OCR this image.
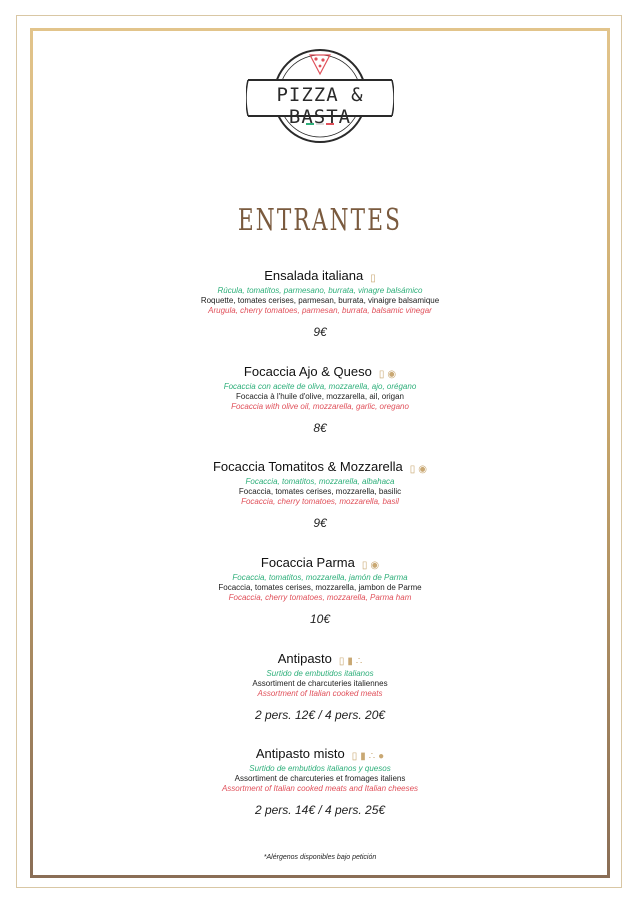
PIZZA & BASTA
ENTRANTES
Ensalada italiana ▯
Rúcula, tomatitos, parmesano, burrata, vinagre balsámico
Roquette, tomates cerises, parmesan, burrata, vinaigre balsamique
Arugula, cherry tomatoes, parmesan, burrata, balsamic vinegar
9€
Focaccia Ajo & Queso ▯ ◉
Focaccia con aceite de oliva, mozzarella, ajo, orégano
Focaccia à l'huile d'olive, mozzarella, ail, origan
Focaccia with olive oil, mozzarella, garlic, oregano
8€
Focaccia Tomatitos & Mozzarella ▯ ◉
Focaccia, tomatitos, mozzarella, albahaca
Focaccia, tomates cerises, mozzarella, basilic
Focaccia, cherry tomatoes, mozzarella, basil
9€
Focaccia Parma ▯ ◉
Focaccia, tomatitos, mozzarella, jamón de Parma
Focaccia, tomates cerises, mozzarella, jambon de Parme
Focaccia, cherry tomatoes, mozzarella, Parma ham
10€
Antipasto ▯ ▮ ∴
Surtido de embutidos italianos
Assortiment de charcuteries italiennes
Assortment of Italian cooked meats
2 pers. 12€ / 4 pers. 20€
Antipasto misto ▯ ▮ ∴ ●
Surtido de embutidos italianos y quesos
Assortiment de charcuteries et fromages italiens
Assortment of Italian cooked meats and Italian cheeses
2 pers. 14€ / 4 pers. 25€
*Alérgenos disponibles bajo petición
